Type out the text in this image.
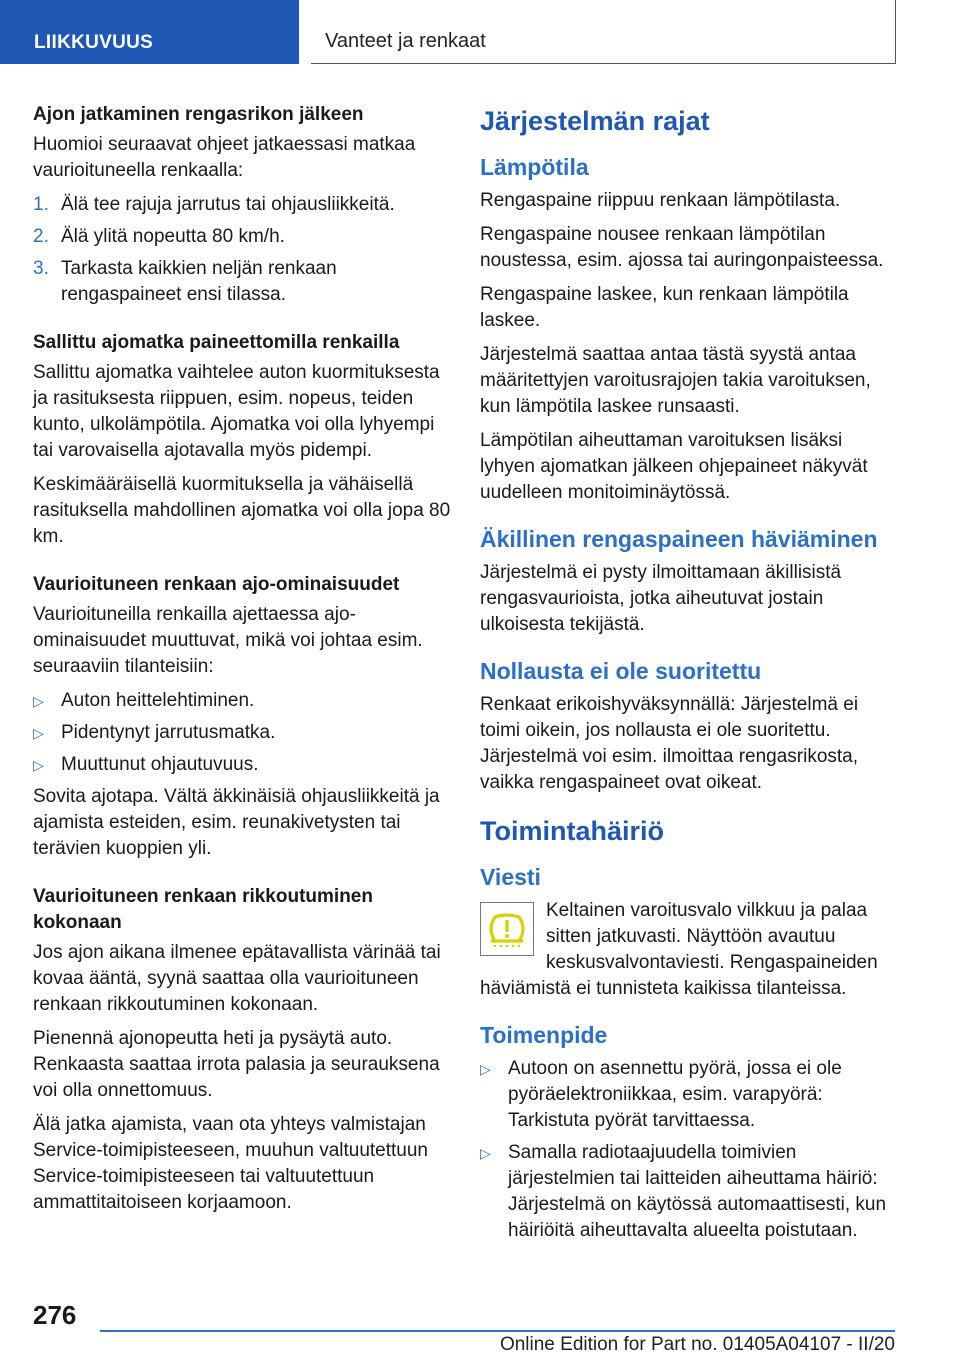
LIIKKUVUUS	Vanteet ja renkaat
Ajon jatkaminen rengasrikon jälkeen

Huomioi seuraavat ohjeet jatkaessasi matkaa vaurioituneella renkaalla:

1. Älä tee rajuja jarrutus tai ohjausliikkeitä.
2. Älä ylitä nopeutta 80 km/h.
3. Tarkasta kaikkien neljän renkaan rengaspaineet ensi tilassa.
Sallittu ajomatka paineettomilla renkailla

Sallittu ajomatka vaihtelee auton kuormituksesta ja rasituksesta riippuen, esim. nopeus, teiden kunto, ulkolämpötila. Ajomatka voi olla lyhyempi tai varovaisella ajotavalla myös pidempi.

Keskimääräisellä kuormituksella ja vähäisellä rasituksella mahdollinen ajomatka voi olla jopa 80 km.

Vaurioituneen renkaan ajo-ominaisuudet

Vaurioituneilla renkailla ajettaessa ajo-ominaisuudet muuttuvat, mikä voi johtaa esim. seuraaviin tilanteisiin:

▷ Auton heittelehtiminen.
▷ Pidentynyt jarrutusmatka.
▷ Muuttunut ohjautuvuus.

Sovita ajotapa. Vältä äkkinäisiä ohjausliikkeitä ja ajamista esteiden, esim. reunakivetysten tai terävien kuoppien yli.

Vaurioituneen renkaan rikkoutuminen kokonaan

Jos ajon aikana ilmenee epätavallista värinää tai kovaa ääntä, syynä saattaa olla vaurioituneen renkaan rikkoutuminen kokonaan.

Pienennä ajonopeutta heti ja pysäytä auto. Renkaasta saattaa irrota palasia ja seurauksena voi olla onnettomuus.

Älä jatka ajamista, vaan ota yhteys valmistajan Service-toimipisteeseen, muuhun valtuutettuun Service-toimipisteeseen tai valtuutettuun ammattitaitoiseen korjaamoon.

Järjestelmän rajat
Lämpötila

Rengaspaine riippuu renkaan lämpötilasta.

Rengaspaine nousee renkaan lämpötilan noustessa, esim. ajossa tai auringonpaisteessa.

Rengaspaine laskee, kun renkaan lämpötila laskee.

Järjestelmä saattaa antaa tästä syystä antaa määritettyjen varoitusrajojen takia varoituksen, kun lämpötila laskee runsaasti.

Lämpötilan aiheuttaman varoituksen lisäksi lyhyen ajomatkan jälkeen ohjepaineet näkyvät uudelleen monitoiminäytössä.

Äkillinen rengaspaineen häviäminen

Järjestelmä ei pysty ilmoittamaan äkillisistä rengasvaurioista, jotka aiheutuvat jostain ulkoisesta tekijästä.

Nollausta ei ole suoritettu

Renkaat erikoishyväksynnällä: Järjestelmä ei toimi oikein, jos nollausta ei ole suoritettu. Järjestelmä voi esim. ilmoittaa rengasrikosta, vaikka rengaspaineet ovat oikeat.

Toimintahäiriö
Viesti

Keltainen varoitusvalo vilkkuu ja palaa sitten jatkuvasti. Näyttöön avautuu keskusvalvontaviesti. Rengaspaineiden häviämistä ei tunnisteta kaikissa tilanteissa.

Toimenpide
▷ Autoon on asennettu pyörä, jossa ei ole pyöräelektroniikkaa, esim. varapyörä: Tarkistuta pyörät tarvittaessa.
▷ Samalla radiotaajuudella toimivien järjestelmien tai laitteiden aiheuttama häiriö: Järjestelmä on käytössä automaattisesti, kun häiriöitä aiheuttavalta alueelta poistutaan.
276
Online Edition for Part no. 01405A04107 - II/20
